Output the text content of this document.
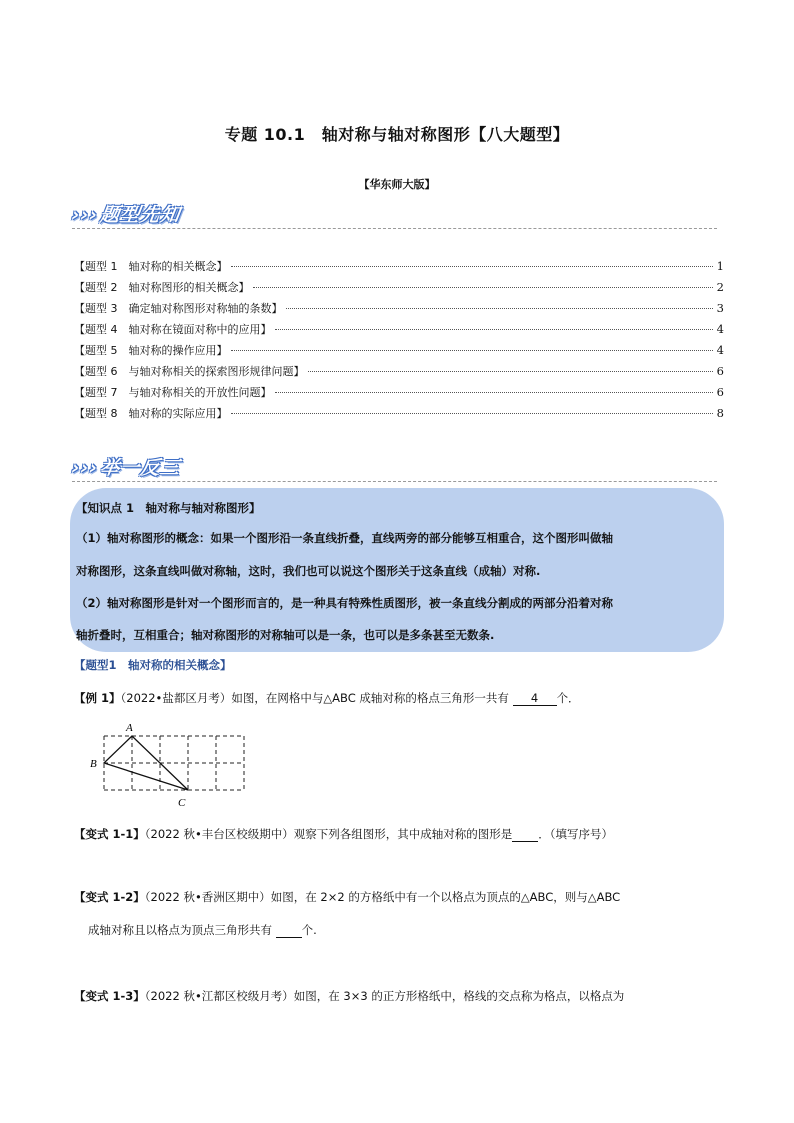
专题 10.1　轴对称与轴对称图形【八大题型】
【华东师大版】
›››题型先知
【题型 1　轴对称的相关概念】	1
【题型 2　轴对称图形的相关概念】	2
【题型 3　确定轴对称图形对称轴的条数】	3
【题型 4　轴对称在镜面对称中的应用】	4
【题型 5　轴对称的操作应用】	4
【题型 6　与轴对称相关的探索图形规律问题】	6
【题型 7　与轴对称相关的开放性问题】	6
【题型 8　轴对称的实际应用】	8
›››举一反三
【知识点 1　轴对称与轴对称图形】
（1）轴对称图形的概念：如果一个图形沿一条直线折叠，直线两旁的部分能够互相重合，这个图形叫做轴
对称图形，这条直线叫做对称轴，这时，我们也可以说这个图形关于这条直线（成轴）对称.
（2）轴对称图形是针对一个图形而言的，是一种具有特殊性质图形，被一条直线分割成的两部分沿着对称
轴折叠时，互相重合；轴对称图形的对称轴可以是一条，也可以是多条甚至无数条.
【题型1　轴对称的相关概念】
【例 1】（2022•盐都区月考）如图，在网格中与△ABC 成轴对称的格点三角形一共有 4 个．
A
B
C
【变式 1-1】（2022 秋•丰台区校级期中）观察下列各组图形，其中成轴对称的图形是 ．（填写序号）
【变式 1-2】（2022 秋•香洲区期中）如图，在 2×2 的方格纸中有一个以格点为顶点的△ABC，则与△ABC
成轴对称且以格点为顶点三角形共有	个.
【变式 1-3】（2022 秋•江都区校级月考）如图，在 3×3 的正方形格纸中，格线的交点称为格点，以格点为
